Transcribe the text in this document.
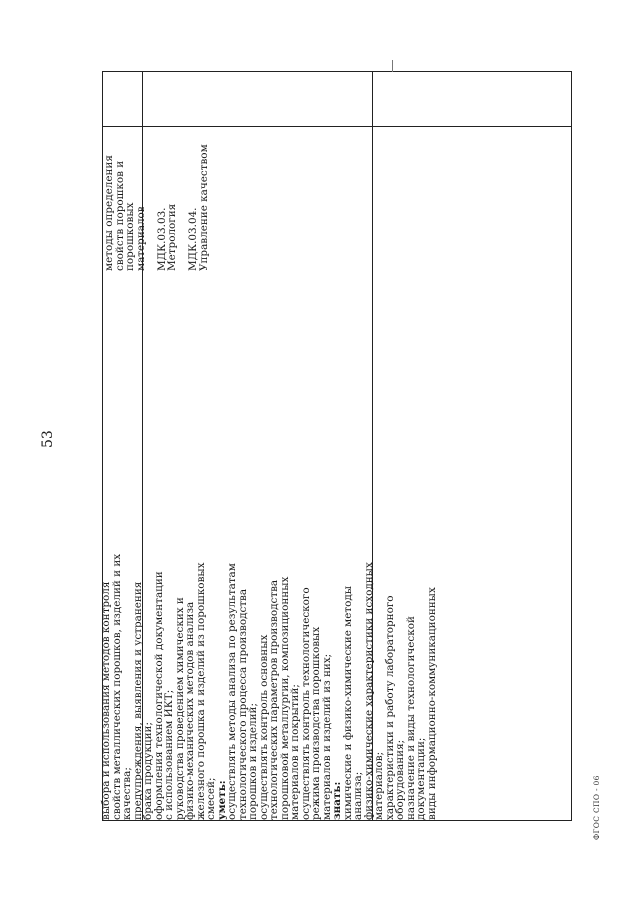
53
выбора и использования методов контроля
свойств металлических порошков, изделий и их
качества;
предупреждения, выявления и устранения
брака продукции;
оформления технологической документации
с использованием ИКТ;
руководства проведением химических и
физико-механических методов анализа
железного порошка и изделий из порошковых
смесей;
уметь:
осуществлять методы анализа по результатам
технологического процесса производства
порошков и изделий;
осуществлять контроль основных
технологических параметров производства
порошковой металлургии, композиционных
материалов и покрытий;
осуществлять контроль технологического
режима производства порошковых
материалов и изделий из них;
знать:
химические и физико-химические методы
анализа;
физико-химические характеристики исходных
материалов;
характеристики и работу лабораторного
оборудования;
назначение и виды технологической
документации;
виды информационно-коммуникационных
методы определения
свойств порошков и
порошковых
материалов МДК.03.03.
Метрология МДК.03.04.
Управление качеством
ФГОС СПО - 06
